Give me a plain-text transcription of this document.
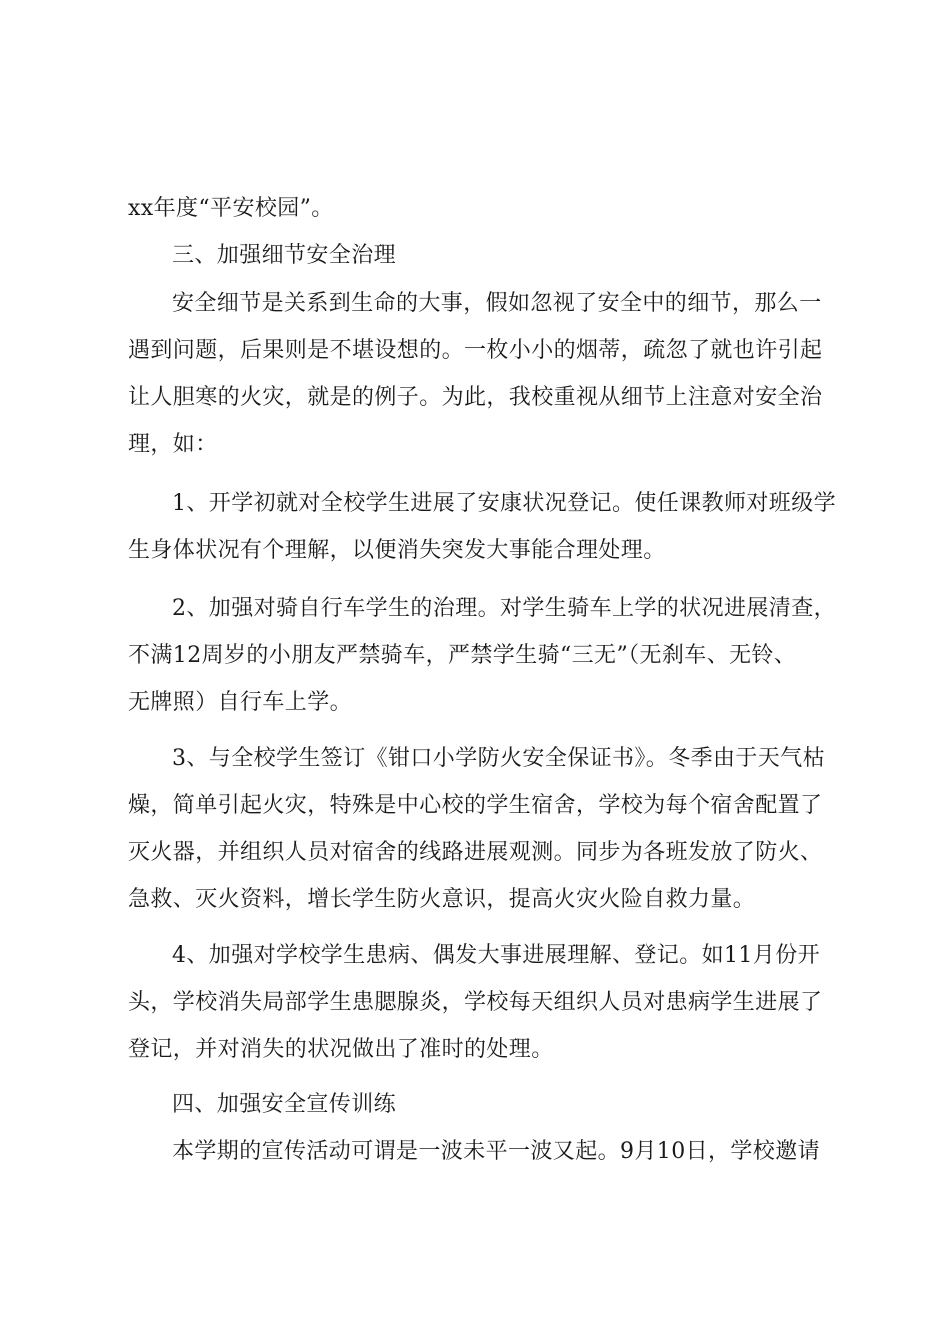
xx年度“平安校园”。
三、加强细节安全治理
安全细节是关系到生命的大事，假如忽视了安全中的细节，那么一
遇到问题，后果则是不堪设想的。一枚小小的烟蒂，疏忽了就也许引起
让人胆寒的火灾，就是的例子。为此，我校重视从细节上注意对安全治
理，如：
1、开学初就对全校学生进展了安康状况登记。使任课教师对班级学
生身体状况有个理解，以便消失突发大事能合理处理。
2、加强对骑自行车学生的治理。对学生骑车上学的状况进展清查，
不满12周岁的小朋友严禁骑车，严禁学生骑“三无”（无刹车、无铃、
无牌照）自行车上学。
3、与全校学生签订《钳口小学防火安全保证书》。冬季由于天气枯
燥，简单引起火灾，特殊是中心校的学生宿舍，学校为每个宿舍配置了
灭火器，并组织人员对宿舍的线路进展观测。同步为各班发放了防火、
急救、灭火资料，增长学生防火意识，提高火灾火险自救力量。
4、加强对学校学生患病、偶发大事进展理解、登记。如11月份开
头，学校消失局部学生患腮腺炎，学校每天组织人员对患病学生进展了
登记，并对消失的状况做出了准时的处理。
四、加强安全宣传训练
本学期的宣传活动可谓是一波未平一波又起。9月10日，学校邀请
